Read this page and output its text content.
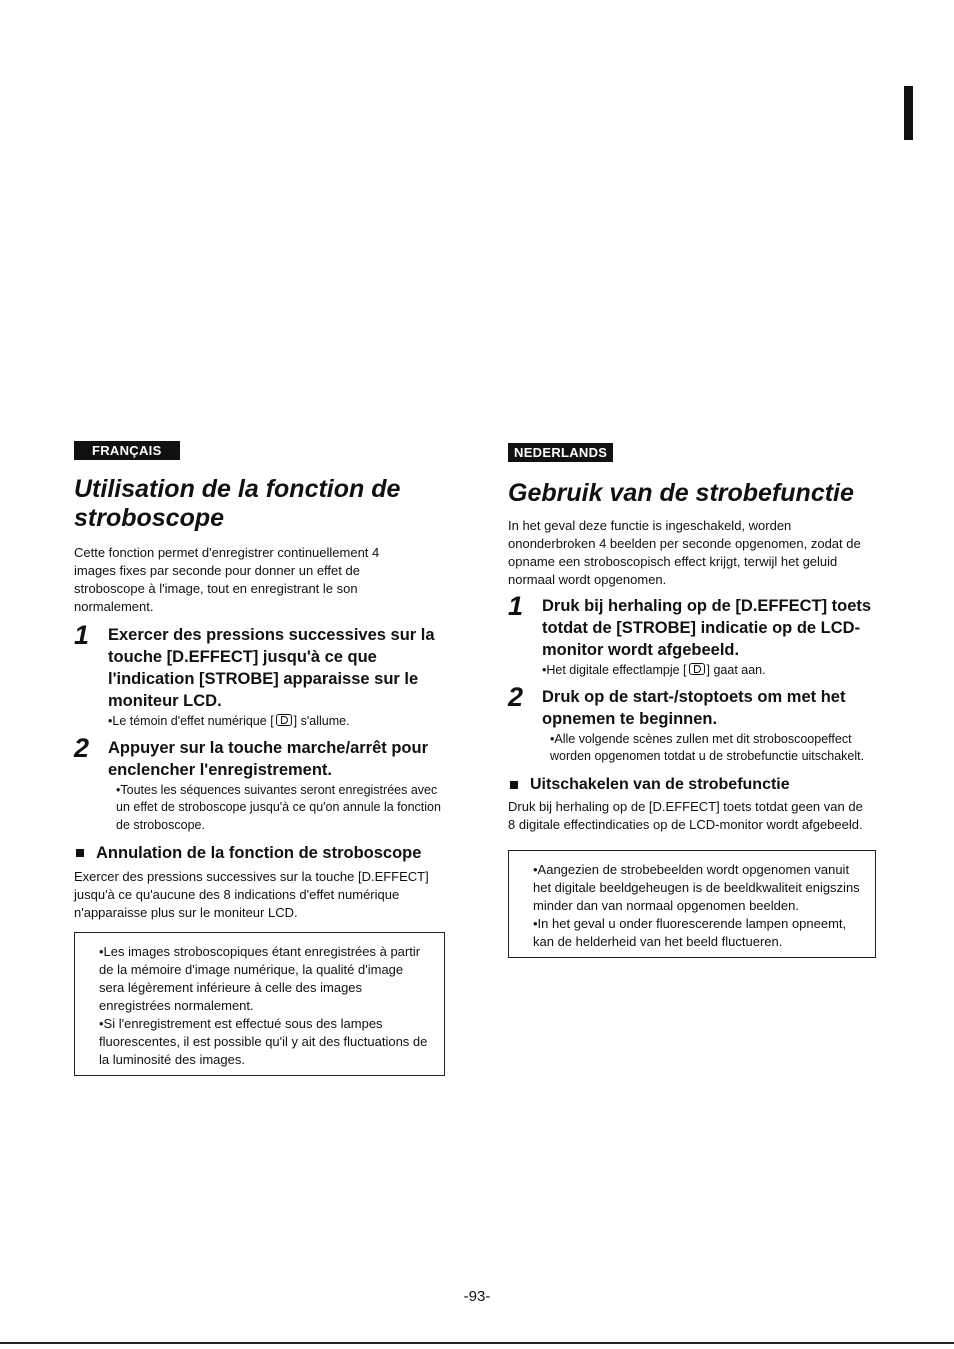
FRANÇAIS
Utilisation de la fonction de stroboscope

Cette fonction permet d'enregistrer continuellement 4 images fixes par seconde pour donner un effet de stroboscope à l'image, tout en enregistrant le son normalement.

1 Exercer des pressions successives sur la touche [D.EFFECT] jusqu'à ce que l'indication [STROBE] apparaisse sur le moniteur LCD.

•Le témoin d'effet numérique [ ] s'allume.

2 Appuyer sur la touche marche/arrêt pour enclencher l'enregistrement.

•Toutes les séquences suivantes seront enregistrées avec un effet de stroboscope jusqu'à ce qu'on annule la fonction de stroboscope.

Annulation de la fonction de stroboscope

Exercer des pressions successives sur la touche [D.EFFECT] jusqu'à ce qu'aucune des 8 indications d'effet numérique n'apparaisse plus sur le moniteur LCD.

•Les images stroboscopiques étant enregistrées à partir de la mémoire d'image numérique, la qualité d'image sera légèrement inférieure à celle des images enregistrées normalement.

•Si l'enregistrement est effectué sous des lampes fluorescentes, il est possible qu'il y ait des fluctuations de la luminosité des images.

NEDERLANDS
Gebruik van de strobefunctie

In het geval deze functie is ingeschakeld, worden ononderbroken 4 beelden per seconde opgenomen, zodat de opname een stroboscopisch effect krijgt, terwijl het geluid normaal wordt opgenomen.

1 Druk bij herhaling op de [D.EFFECT] toets totdat de [STROBE] indicatie op de LCD-monitor wordt afgebeeld.

•Het digitale effectlampje [ ] gaat aan.

2 Druk op de start-/stoptoets om met het opnemen te beginnen.

•Alle volgende scènes zullen met dit stroboscoopeffect worden opgenomen totdat u de strobefunctie uitschakelt.

Uitschakelen van de strobefunctie

Druk bij herhaling op de [D.EFFECT] toets totdat geen van de 8 digitale effectindicaties op de LCD-monitor wordt afgebeeld.

•Aangezien de strobebeelden wordt opgenomen vanuit het digitale beeldgeheugen is de beeldkwaliteit enigszins minder dan van normaal opgenomen beelden.

•In het geval u onder fluorescerende lampen opneemt, kan de helderheid van het beeld fluctueren.

-93-
